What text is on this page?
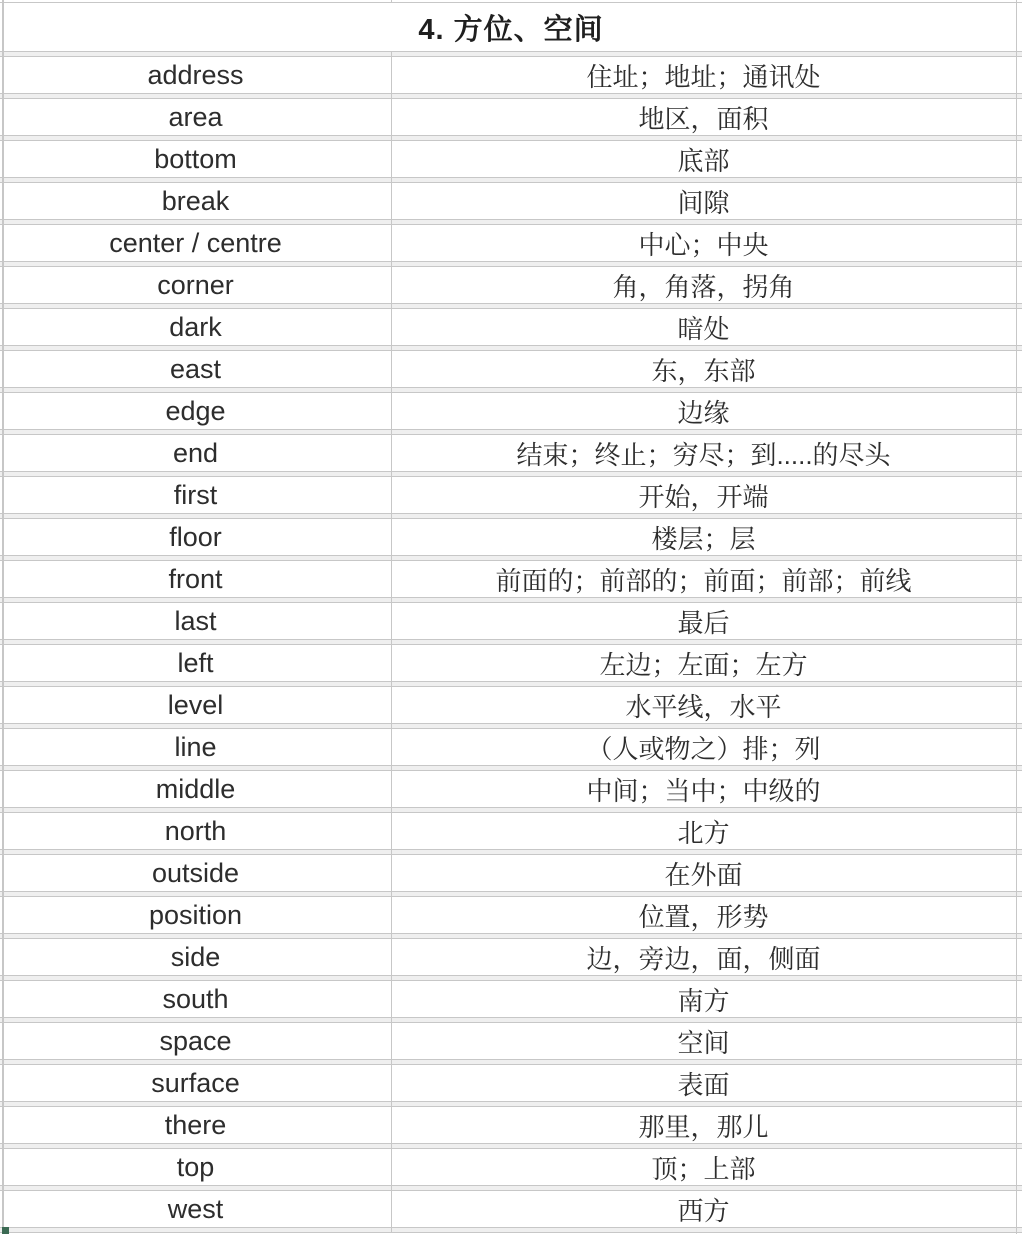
4. 方位、空间
address	住址；地址；通讯处
area	地区，面积
bottom	底部
break	间隙
center / centre	中心；中央
corner	角，角落，拐角
dark	暗处
east	东，东部
edge	边缘
end	结束；终止；穷尽；到.....的尽头
first	开始，开端
floor	楼层；层
front	前面的；前部的；前面；前部；前线
last	最后
left	左边；左面；左方
level	水平线，水平
line	（人或物之）排；列
middle	中间；当中；中级的
north	北方
outside	在外面
position	位置，形势
side	边，旁边，面，侧面
south	南方
space	空间
surface	表面
there	那里，那儿
top	顶；上部
west	西方
